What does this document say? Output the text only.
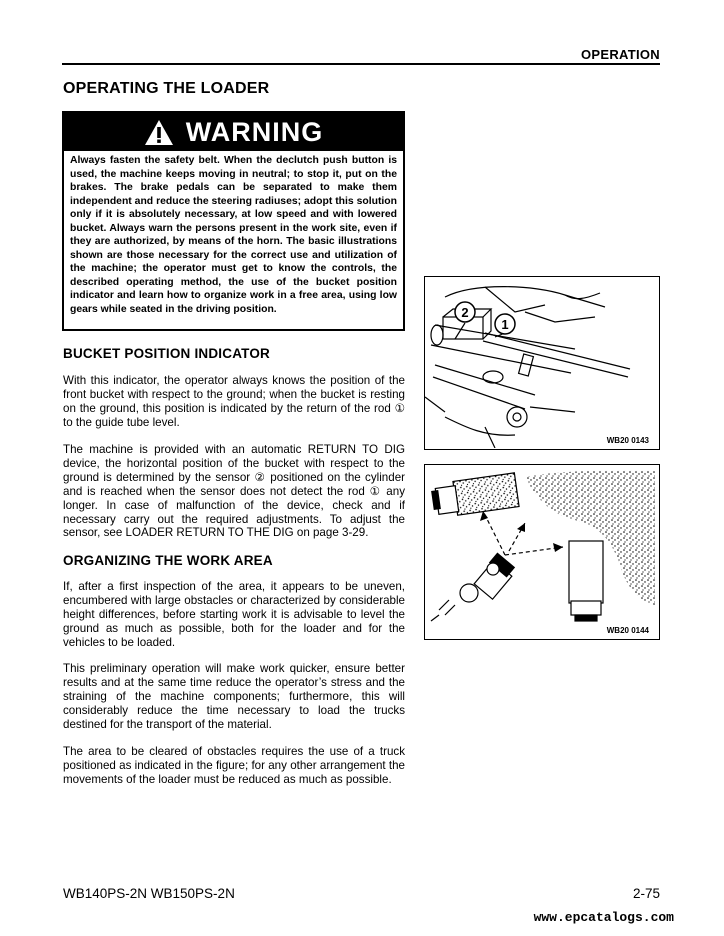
OPERATION
OPERATING THE LOADER
WARNING
Always fasten the safety belt. When the declutch push button is used, the machine keeps moving in neutral; to stop it, put on the brakes. The brake pedals can be separated to make them independent and reduce the steering radiuses; adopt this solution only if it is absolutely necessary, at low speed and with lowered bucket. Always warn the persons present in the work site, even if they are authorized, by means of the horn. The basic illustrations shown are those necessary for the correct use and utilization of the machine; the operator must get to know the controls, the described operating method, the use of the bucket position indicator and learn how to organize work in a free area, using low gears while seated in the driving position.
BUCKET POSITION INDICATOR
With this indicator, the operator always knows the position of the front bucket with respect to the ground; when the bucket is resting on the ground, this position is indicated by the return of the rod ① to the guide tube level.
The machine is provided with an automatic RETURN TO DIG device, the horizontal position of the bucket with respect to the ground is determined by the sensor ② positioned on the cylinder and is reached when the sensor does not detect the rod ① any longer. In case of malfunction of the device, check and if necessary carry out the required adjustments. To adjust the sensor, see LOADER RETURN TO THE DIG on page 3-29.
ORGANIZING THE WORK AREA
If, after a first inspection of the area, it appears to be uneven, encumbered with large obstacles or characterized by considerable height differences, before starting work it is advisable to level the ground as much as possible, both for the loader and for the vehicles to be loaded.
This preliminary operation will make work quicker, ensure better results and at the same time reduce the operator’s stress and the straining of the machine components; furthermore, this will considerably reduce the time necessary to load the trucks destined for the transport of the material.
The area to be cleared of obstacles requires the use of a truck positioned as indicated in the figure; for any other arrangement the movements of the loader must be reduced as much as possible.
2
1
WB20 0143
WB20 0144
WB140PS-2N WB150PS-2N	2-75
www.epcatalogs.com
